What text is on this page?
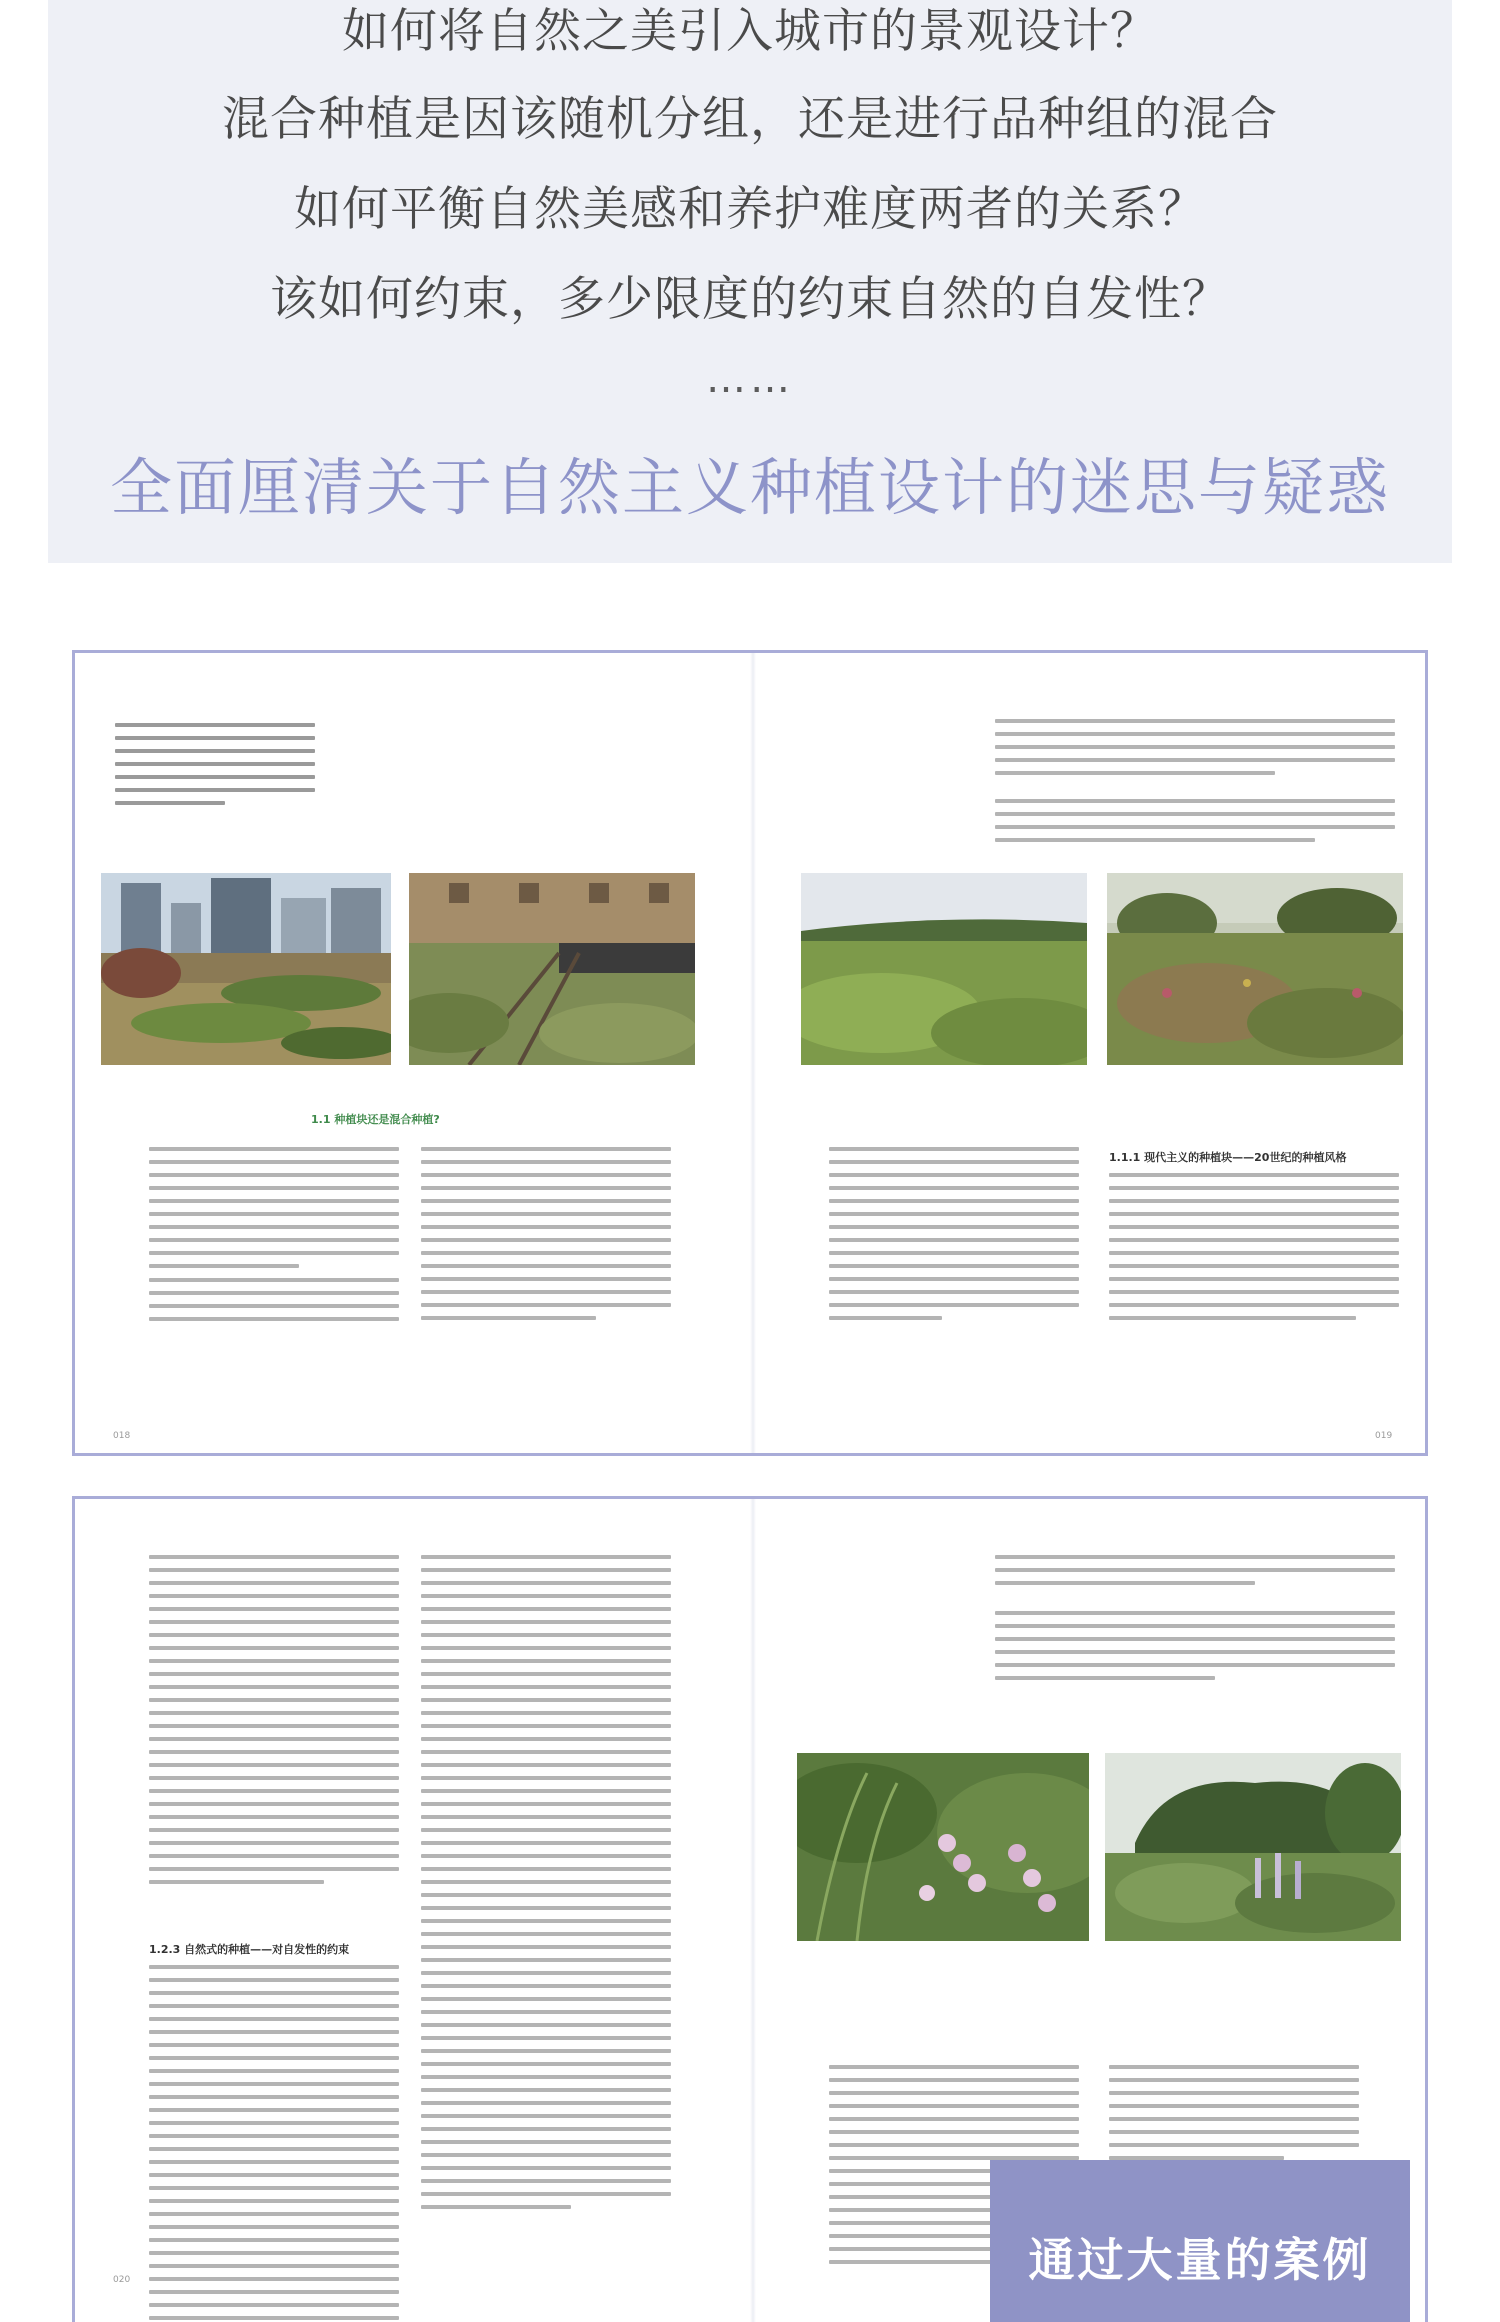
如何将自然之美引入城市的景观设计？
混合种植是因该随机分组，还是进行品种组的混合
如何平衡自然美感和养护难度两者的关系？
该如何约束，多少限度的约束自然的自发性？
……
全面厘清关于自然主义种植设计的迷思与疑惑
1.1 种植块还是混合种植?
1.1.1 现代主义的种植块——20世纪的种植风格
018	019
1.2.3 自然式的种植——对自发性的约束
020	通过大量的案例
